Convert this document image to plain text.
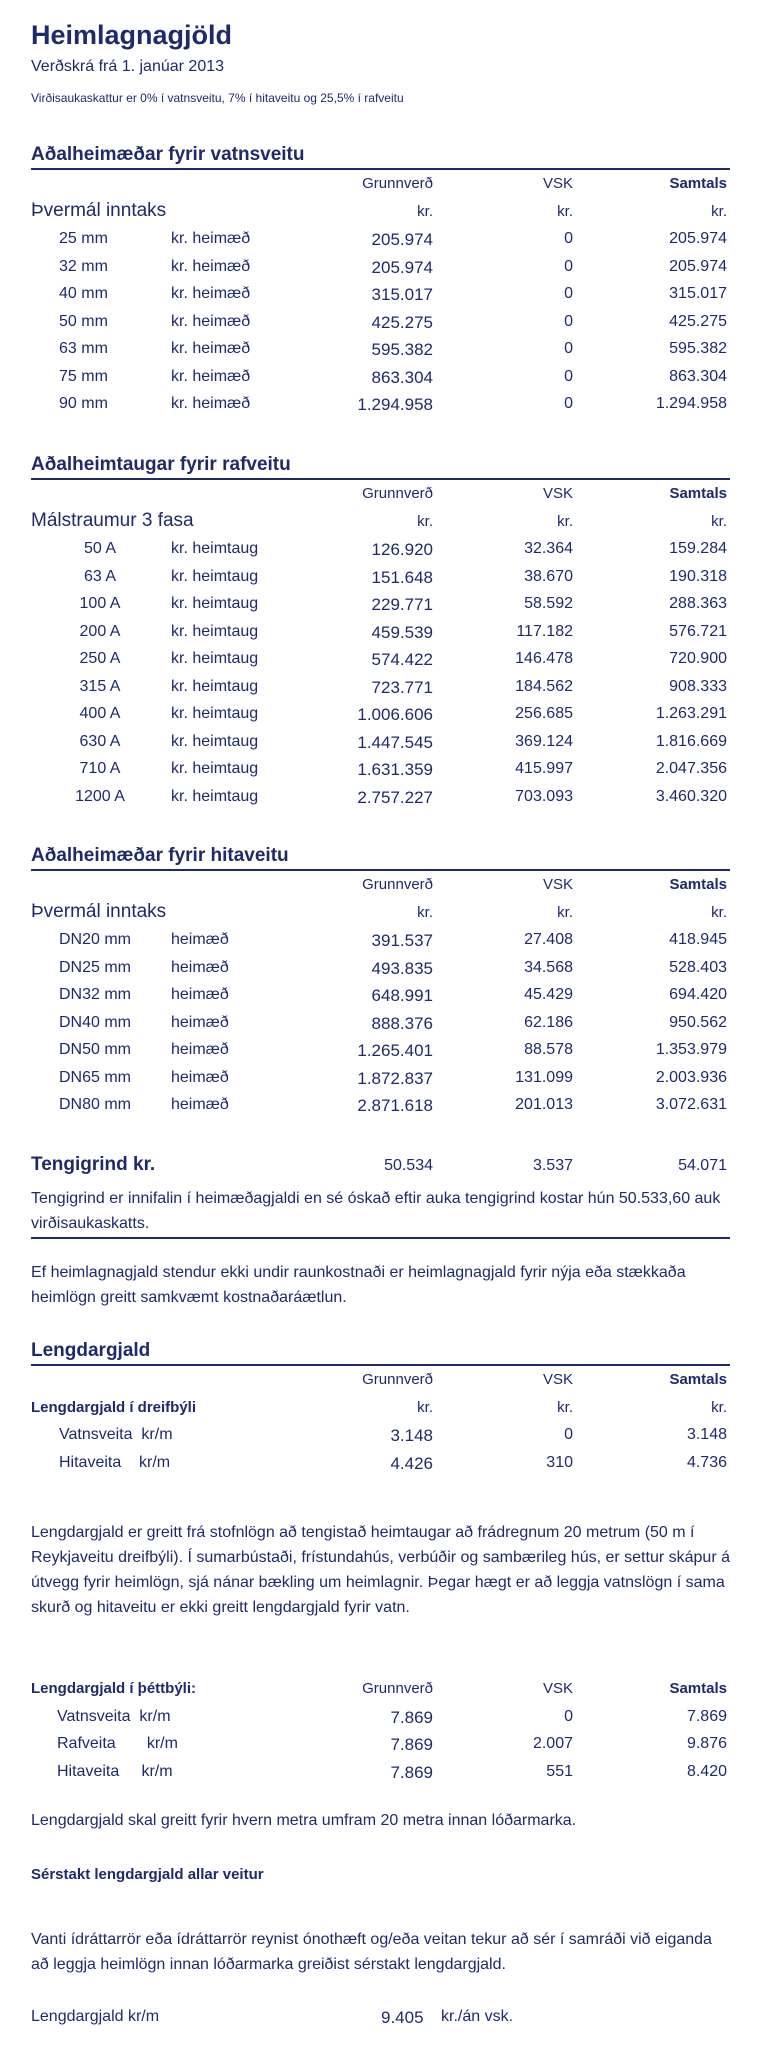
Heimlagnagjöld
Verðskrá frá 1. janúar 2013
Virðisaukaskattur er 0% í vatnsveitu, 7% í hitaveitu og 25,5% í rafveitu
Aðalheimæðar fyrir vatnsveitu
Grunnverð	VSK	Samtals
Þvermál inntaks	kr.	kr.	kr.
25 mm	kr. heimæð	205.974	0	205.974
32 mm	kr. heimæð	205.974	0	205.974
40 mm	kr. heimæð	315.017	0	315.017
50 mm	kr. heimæð	425.275	0	425.275
63 mm	kr. heimæð	595.382	0	595.382
75 mm	kr. heimæð	863.304	0	863.304
90 mm	kr. heimæð	1.294.958	0	1.294.958
Aðalheimtaugar fyrir rafveitu
Grunnverð	VSK	Samtals
Málstraumur 3 fasa	kr.	kr.	kr.
50 A	kr. heimtaug	126.920	32.364	159.284
63 A	kr. heimtaug	151.648	38.670	190.318
100 A	kr. heimtaug	229.771	58.592	288.363
200 A	kr. heimtaug	459.539	117.182	576.721
250 A	kr. heimtaug	574.422	146.478	720.900
315 A	kr. heimtaug	723.771	184.562	908.333
400 A	kr. heimtaug	1.006.606	256.685	1.263.291
630 A	kr. heimtaug	1.447.545	369.124	1.816.669
710 A	kr. heimtaug	1.631.359	415.997	2.047.356
1200 A	kr. heimtaug	2.757.227	703.093	3.460.320
Aðalheimæðar fyrir hitaveitu
Grunnverð	VSK	Samtals
Þvermál inntaks	kr.	kr.	kr.
DN20 mm	heimæð	391.537	27.408	418.945
DN25 mm	heimæð	493.835	34.568	528.403
DN32 mm	heimæð	648.991	45.429	694.420
DN40 mm	heimæð	888.376	62.186	950.562
DN50 mm	heimæð	1.265.401	88.578	1.353.979
DN65 mm	heimæð	1.872.837	131.099	2.003.936
DN80 mm	heimæð	2.871.618	201.013	3.072.631
Tengigrind kr.	50.534	3.537	54.071
Tengigrind er innifalin í heimæðagjaldi en sé óskað eftir auka tengigrind kostar hún 50.533,60 auk virðisaukaskatts.
Ef heimlagnagjald stendur ekki undir raunkostnaði er heimlagnagjald fyrir nýja eða stækkaða heimlögn greitt samkvæmt kostnaðaráætlun.
Lengdargjald
Grunnverð	VSK	Samtals
Lengdargjald í dreifbýli	kr.	kr.	kr.
Vatnsveita  kr/m	3.148	0	3.148
Hitaveita    kr/m	4.426	310	4.736
Lengdargjald er greitt frá stofnlögn að tengistað heimtaugar að frádregnum 20 metrum (50 m í Reykjaveitu dreifbýli). Í sumarbústaði, frístundahús, verbúðir og sambærileg hús, er settur skápur á útvegg fyrir heimlögn, sjá nánar bækling um heimlagnir. Þegar hægt er að leggja vatnslögn í sama skurð og hitaveitu er ekki greitt lengdargjald fyrir vatn.
Lengdargjald í þéttbýli:	Grunnverð	VSK	Samtals
Vatnsveita  kr/m	7.869	0	7.869
Rafveita       kr/m	7.869	2.007	9.876
Hitaveita     kr/m	7.869	551	8.420
Lengdargjald skal greitt fyrir hvern metra umfram 20 metra innan lóðarmarka.
Sérstakt lengdargjald allar veitur
Vanti ídráttarrör eða ídráttarrör reynist ónothæft og/eða veitan tekur að sér í samráði við eiganda að leggja heimlögn innan lóðarmarka greiðist sérstakt lengdargjald.
Lengdargjald kr/m	9.405 kr./án vsk.
